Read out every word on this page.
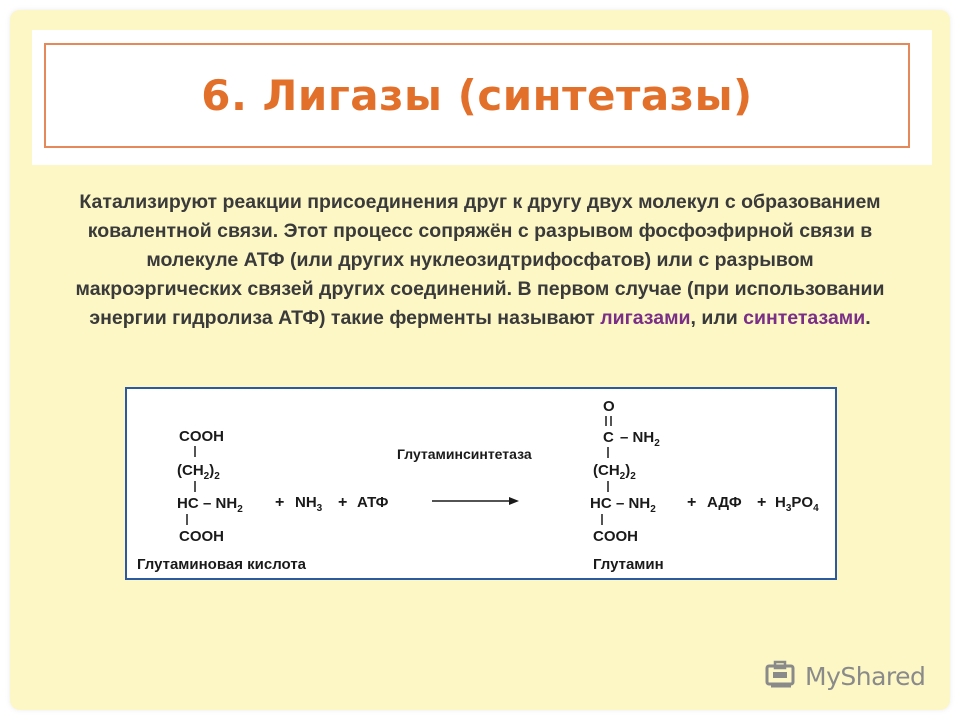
6. Лигазы (синтетазы)
Катализируют реакции присоединения друг к другу двух молекул с образованием ковалентной связи. Этот процесс сопряжён с разрывом фосфоэфирной связи в молекуле АТФ (или других нуклеозидтрифосфатов) или с разрывом макроэргических связей других соединений. В первом случае (при использовании энергии гидролиза АТФ) такие ферменты называют лигазами, или синтетазами.
COOH
$(CH_2)_2$
HC – $NH_2$
COOH
Глутаминовая кислота
+ $NH_3$ + АТФ
Глутаминсинтетаза
O
C – $NH_2$
$(CH_2)_2$
HC – $NH_2$
COOH
Глутамин
+ АДФ + $H_3PO_4$
MyShared
